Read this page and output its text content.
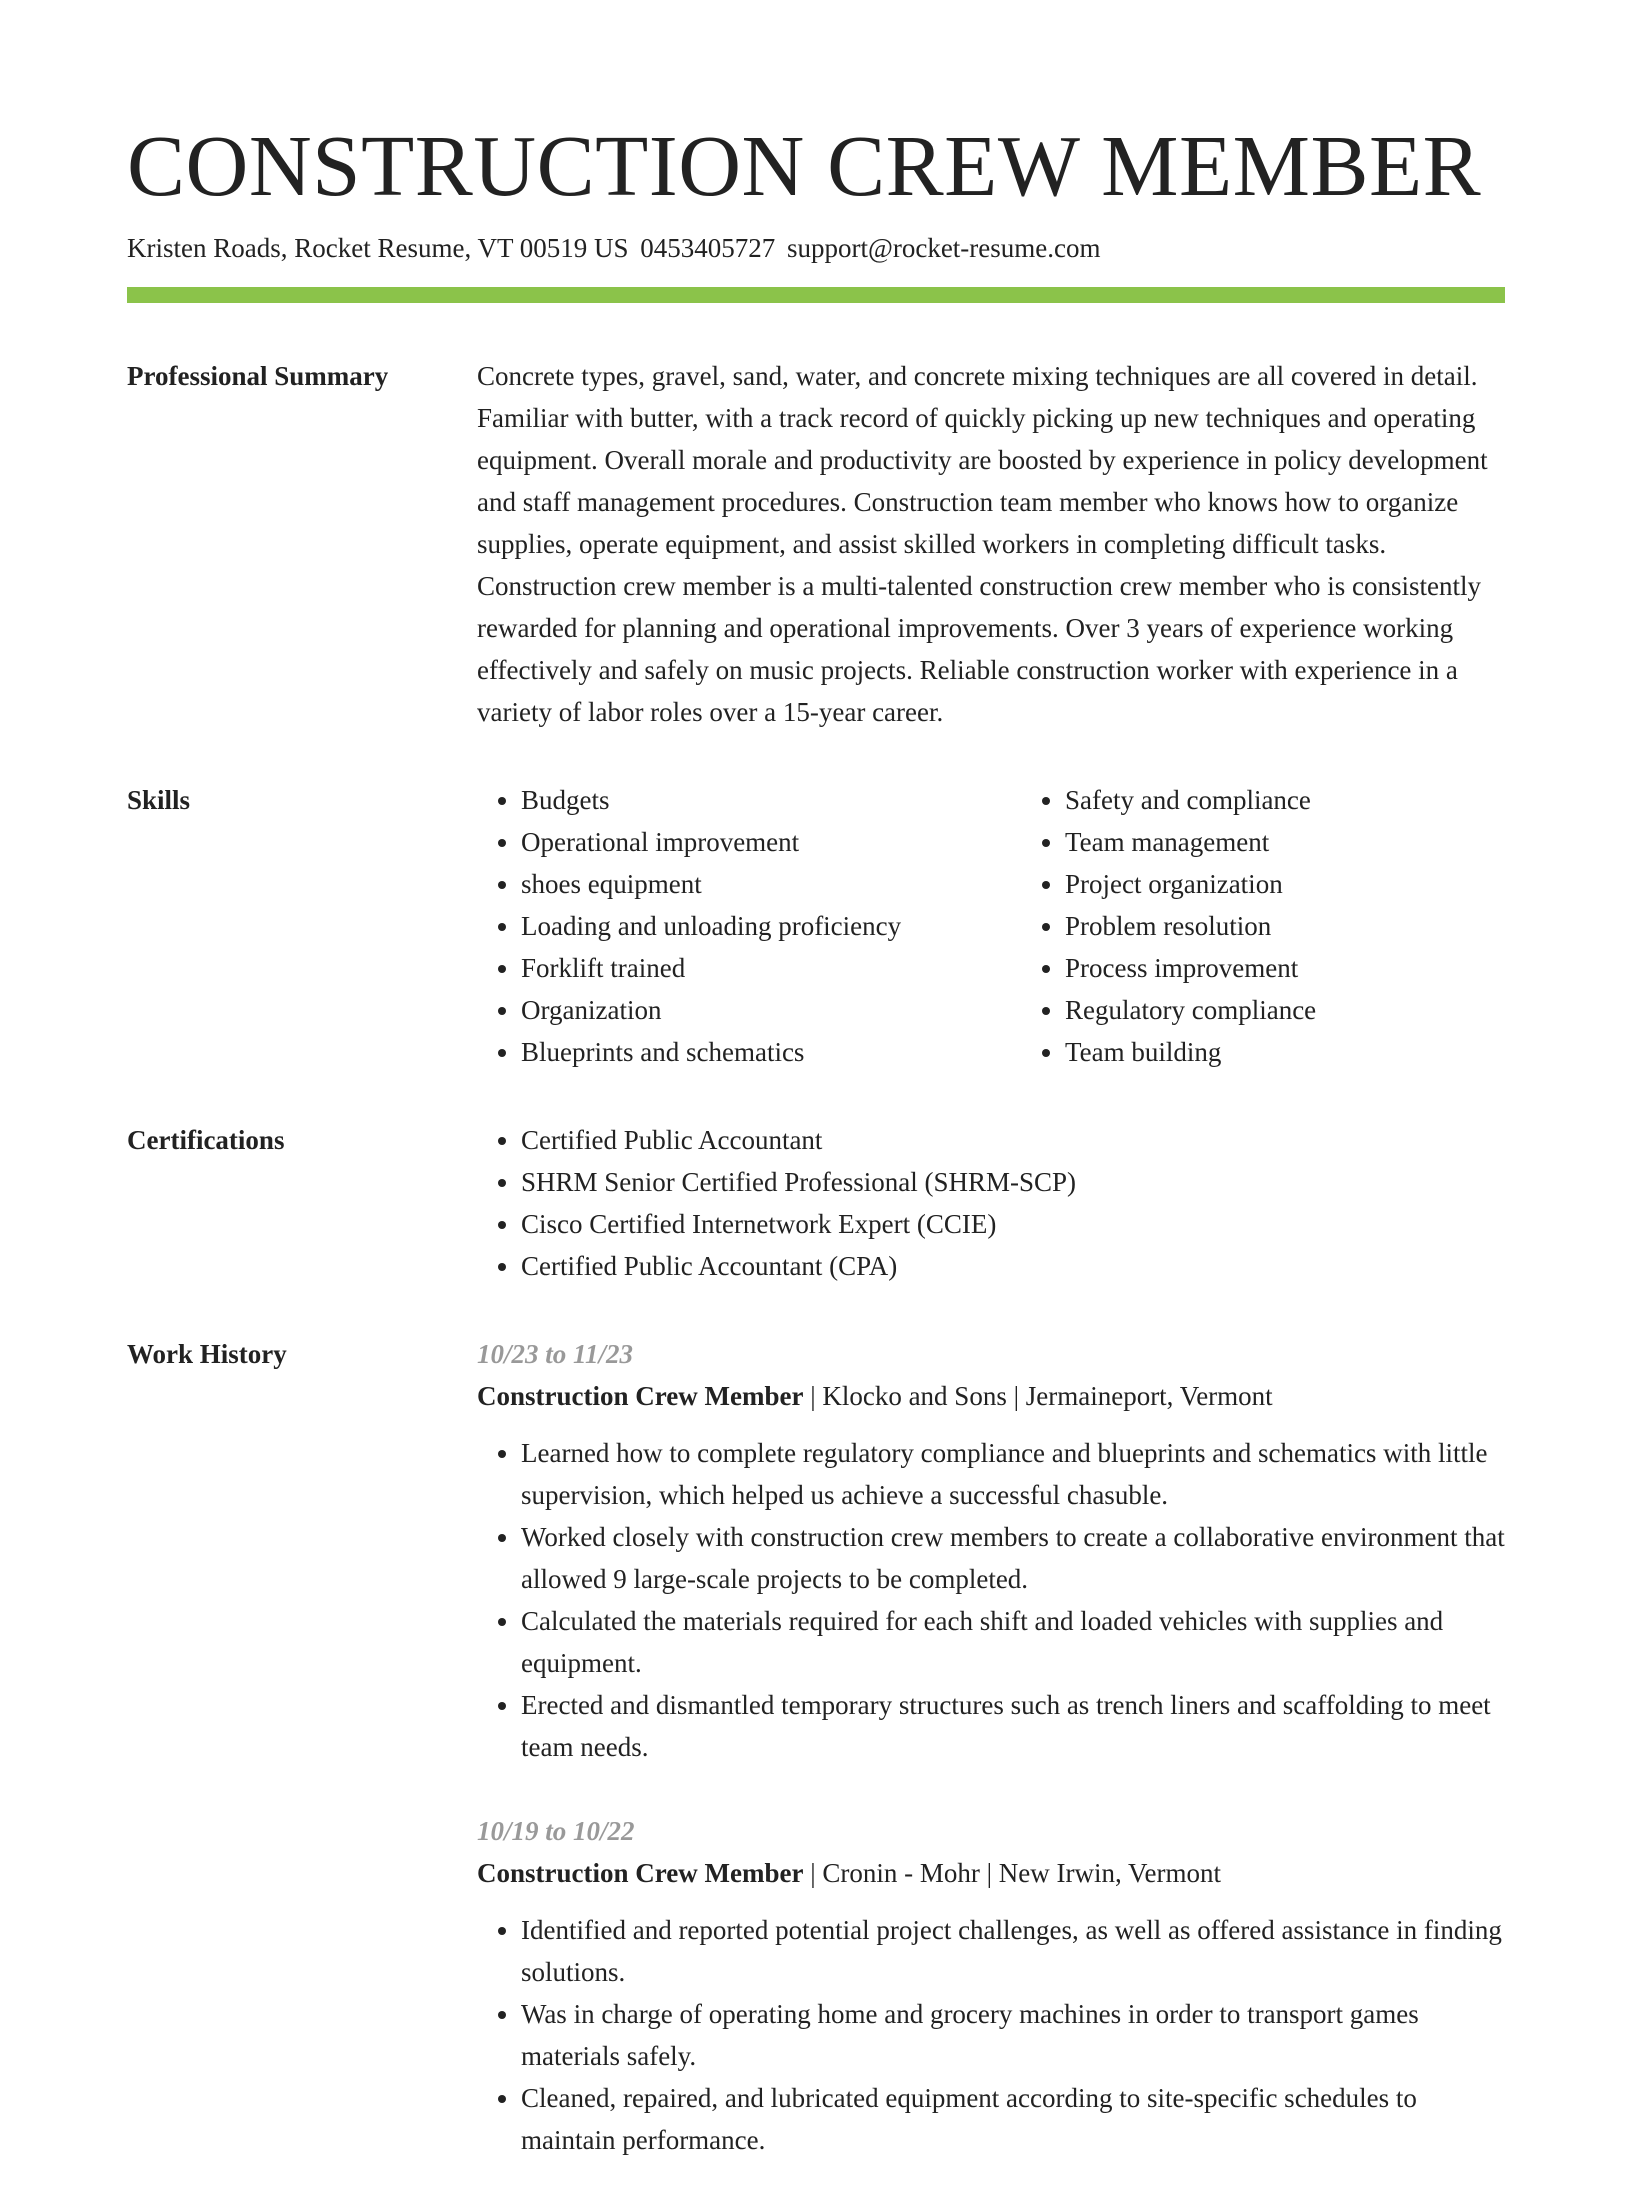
CONSTRUCTION CREW MEMBER
Kristen Roads, Rocket Resume, VT 00519 US 0453405727 support@rocket-resume.com
Professional Summary	Concrete types, gravel, sand, water, and concrete mixing techniques are all covered in detail. Familiar with butter, with a track record of quickly picking up new techniques and operating equipment. Overall morale and productivity are boosted by experience in policy development and staff management procedures. Construction team member who knows how to organize supplies, operate equipment, and assist skilled workers in completing difficult tasks. Construction crew member is a multi-talented construction crew member who is consistently rewarded for planning and operational improvements. Over 3 years of experience working effectively and safely on music projects. Reliable construction worker with experience in a variety of labor roles over a 15-year career.

Skills	• Budgets
• Operational improvement
• shoes equipment
• Loading and unloading proficiency
• Forklift trained
• Organization
• Blueprints and schematics
• Safety and compliance
• Team management
• Project organization
• Problem resolution
• Process improvement
• Regulatory compliance
• Team building
Certifications	• Certified Public Accountant
• SHRM Senior Certified Professional (SHRM-SCP)
• Cisco Certified Internetwork Expert (CCIE)
• Certified Public Accountant (CPA)
Work History	10/23 to 11/23
Construction Crew Member | Klocko and Sons | Jermaineport, Vermont
• Learned how to complete regulatory compliance and blueprints and schematics with little supervision, which helped us achieve a successful chasuble.
• Worked closely with construction crew members to create a collaborative environment that allowed 9 large-scale projects to be completed.
• Calculated the materials required for each shift and loaded vehicles with supplies and equipment.
• Erected and dismantled temporary structures such as trench liners and scaffolding to meet team needs.
10/19 to 10/22
Construction Crew Member | Cronin - Mohr | New Irwin, Vermont
• Identified and reported potential project challenges, as well as offered assistance in finding solutions.
• Was in charge of operating home and grocery machines in order to transport games materials safely.
• Cleaned, repaired, and lubricated equipment according to site-specific schedules to maintain performance.
